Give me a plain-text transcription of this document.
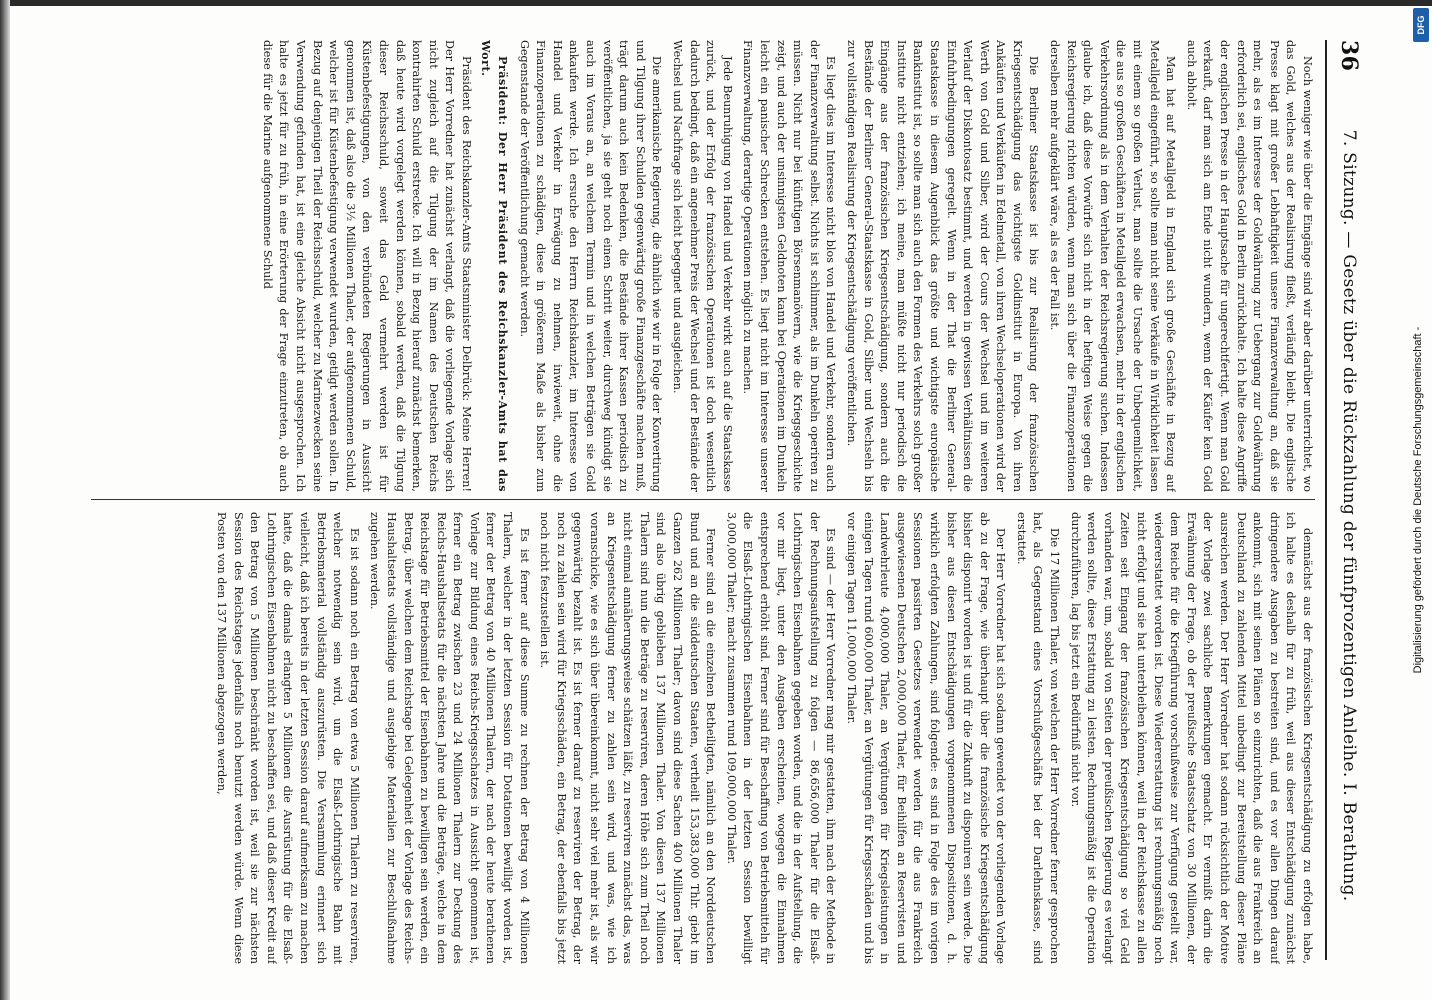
36
7. Sitzung. — Gesetz über die Rückzahlung der fünfprozentigen Anleihe. I. Berathung.

Noch weniger wie über die Eingänge sind wir aber darüber unterrichtet, wo das Gold, welches aus der Realisirung fließt, verläufig bleibt. Die englische Presse klagt mit großer Lebhaftigkeit unsere Finanzverwaltung an, daß sie mehr, als es im Interesse der Goldwährung zur Uebergang zur Goldwährung erforderlich sei, englisches Gold in Berlin zurückhalte. Ich halte diese Angriffe der englischen Presse in der Hauptsache für ungerechtfertigt. Wenn man Gold verkauft, darf man sich am Ende nicht wundern, wenn der Käufer kein Gold auch abholt.

Man hat auf Metallgeld in England sich große Geschäfte in Bezug auf Metallgeld eingeführt, so sollte man nicht seine Verkäufe in Wirklichkeit lassen mit einem so großen Verlust, man sollte die Ursache der Unbequemlichkeit, die aus so großen Geschäften in Metallgeld erwachsen, mehr in der englischen Verkehrsordnung als in dem Verhalten der Reichsregierung suchen. Indessen glaube ich, daß diese Vorwürfe sich nicht in der heftigen Weise gegen die Reichsregierung richten würden, wenn man sich über die Finanzoperationen derselben mehr aufgeklärt wäre, als es der Fall ist.

Die Berliner Staatskasse ist bis zur Realisirung der französischen Kriegsentschädigung das wichtigste Goldinstitut in Europa. Von ihren Ankäufen und Verkäufen in Edelmetall, von ihren Wechseloperationen wird der Werth von Gold und Silber, wird der Cours der Wechsel und im weiteren Verlauf der Diskontosatz bestimmt, und werden in gewissen Verhältnissen die Einfuhrbedingungen geregelt. Wenn in der That die Berliner General-Staatskasse in diesem Augenblick das größte und wichtigste europäische Bankinstitut ist, so sollte man sich auch den Formen des Verkehrs solch großer Institute nicht entziehen; ich meine, man müßte nicht nur periodisch die Eingänge aus der französischen Kriegsentschädigung, sondern auch die Bestände der Berliner General-Staatskasse in Gold, Silber und Wechseln bis zur vollständigen Realisirung der Kriegsentschädigung veröffentlichen.

Es liegt dies im Interesse nicht blos von Handel und Verkehr, sondern auch der Finanzverwaltung selbst. Nichts ist schlimmer, als im Dunkeln operiren zu müssen. Nicht nur bei künftigen Börsenmanövern, wie die Kriegsgeschichte zeigt, und auch der unsinnigsten Geldnoten kann bei Operationen im Dunkeln leicht ein panischer Schrecken entstehen. Es liegt nicht im Interesse unserer Finanzverwaltung, derartige Operationen möglich zu machen.

Jede Beunruhigung von Handel und Verkehr wirkt auch auf die Staatskasse zurück, und der Erfolg der französischen Operationen ist doch wesentlich dadurch bedingt, daß ein angenehmer Preis der Wechsel und der Bestände der Wechsel und Nachfrage sich leicht begegnet und ausgleichen.

Die amerikanische Regierung, die ähnlich wie wir in Folge der Konvertirung und Tilgung ihrer Schulden gegenwärtig große Finanzgeschäfte machen muß, trägt darum auch kein Bedenken, die Bestände ihrer Kassen periodisch zu veröffentlichen, ja sie geht noch einen Schritt weiter, durchweg kündigt sie auch im Voraus an, an welchem Termin und in welchen Beträgen sie Gold ankaufen werde. Ich ersuche den Herrn Reichskanzler, im Interesse von Handel und Verkehr in Erwägung zu nehmen, inwieweit, ohne die Finanzoperationen zu schädigen, diese in größerem Maße als bisher zum Gegenstande der Veröffentlichung gemacht werden.

Präsident: Der Herr Präsident des Reichskanzler-Amts hat das Wort.

Präsident des Reichskanzler-Amts Staatsminister Delbrück: Meine Herren! Der Herr Vorredner hat zunächst verlangt, daß die vorliegende Vorlage sich nicht zugleich auf die Tilgung der im Namen des Deutschen Reichs kontrahirten Schuld erstrecke. Ich will in Bezug hierauf zunächst bemerken, daß heute wird vorgelegt werden können, sobald werden, daß die Tilgung dieser Reichsschuld, soweit das Geld vermehrt werden ist für Küstenbefestigungen, von den verbündeten Regierungen in Aussicht genommen ist, daß also die 3½ Millionen Thaler, der aufgenommenen Schuld, welcher ist für Küstenbefestigung verwendet wurden, getilgt werden sollen. In Bezug auf denjenigen Theil der Reichsschuld, welcher zu Marinezwecken seine Verwendung gefunden hat, ist eine gleiche Absicht nicht ausgesprochen. Ich halte es jetzt für zu früh, in eine Erörterung der Frage einzutreten, ob auch diese für die Marine aufgenommene Schuld

demnächst aus der französischen Kriegsentschädigung zu erfolgen habe, ich halte es deshalb für zu früh, weil aus dieser Entschädigung zunächst dringendere Ausgaben zu bestreiten sind, und es vor allen Dingen darauf ankommt, sich mit seinen Plänen so einzurichten, daß die aus Frankreich an Deutschland zu zahlenden Mittel unbedingt zur Bereitstellung dieser Pläne ausreichen werden. Der Herr Vorredner hat sodann rücksichtlich der Motive der Vorlage zwei sachliche Bemerkungen gemacht. Er vermißt darin die Erwähnung der Frage, ob der preußische Staatsschatz von 30 Millionen, der dem Reiche für die Kriegführung vorschußweise zur Verfügung gestellt war, wiedererstattet worden ist. Diese Wiedererstattung ist rechnungsmäßig noch nicht erfolgt und sie hat unterbleiben können, weil in der Reichskasse zu allen Zeiten seit Eingang der französischen Kriegsentschädigung so viel Geld vorhanden war, um, sobald von Seiten der preußischen Regierung es verlangt werden sollte, diese Erstattung zu leisten. Rechnungsmäßig ist die Operation durchzuführen, lag bis jetzt ein Bedürfniß nicht vor.

Die 17 Millionen Thaler, von welchen der Herr Vorredner ferner gesprochen hat, als Gegenstand eines Vorschußgeschäfts bei der Darlehnskasse, sind erstattet.

Der Herr Vorredner hat sich sodann gewendet von der vorliegenden Vorlage ab zu der Frage, wie überhaupt über die französische Kriegsentschädigung bisher disponirt worden ist und für die Zukunft zu disponiren sein werde. Die bisher aus diesen Entschädigungen vorgenommenen Dispositionen, d. h. wirklich erfolgten Zahlungen, sind folgende: es sind in Folge des im vorigen Sessionen passirten Gesetzes verwendet worden für die aus Frankreich ausgewiesenen Deutschen 2,000,000 Thaler, für Beihilfen an Reservisten und Landwehrleute 4,000,000 Thaler, an Vergütungen für Kriegsleistungen in einigen Tagen rund 600,000 Thaler, an Vergütungen für Kriegsschäden und bis vor einigen Tagen 11,000,000 Thaler.

Es sind — der Herr Vorredner mag mir gestatten, ihm nach der Methode in der Rechnungsaufstellung zu folgen — 86,656,000 Thaler für die Elsaß-Lothringischen Eisenbahnen gegeben worden, und die in der Aufstellung, die vor mir liegt, unter den Ausgaben erscheinen, wogegen die Einnahmen entsprechend erhöht sind. Ferner sind für Beschaffung von Betriebsmitteln für die Elsaß-Lothringischen Eisenbahnen in der letzten Session bewilligt 3,000,000 Thaler; macht zusammen rund 109,000,000 Thaler.

Ferner sind an die einzelnen Betheiligten, nämlich an den Norddeutschen Bund und an die süddeutschen Staaten, vertheilt 153,383,000 Thlr. giebt im Ganzen 262 Millionen Thaler; davon sind diese Sachen 400 Millionen Thaler sind also übrig geblieben 137 Millionen Thaler. Von diesen 137 Millionen Thalern sind nun die Beträge zu reserviren, deren Höhe sich zum Theil noch nicht einmal annäherungsweise schätzen läßt, zu reserviren zunächst das, was an Kriegsentschädigung ferner zu zahlen sein wird, und was, wie ich voranschicke, wie es sich über übereinkommt, nicht sehr viel mehr ist, als wir gegenwärtig bezahlt ist. Es ist ferner darauf zu reserviren der Betrag, der noch zu zahlen sein wird für Kriegsschäden, ein Betrag, der ebenfalls bis jetzt noch nicht festzustellen ist.

Es ist ferner auf diese Summe zu rechnen der Betrag von 4 Millionen Thalern, welcher in der letzten Session für Dotationen bewilligt worden ist, ferner der Betrag von 40 Millionen Thalern, der nach der heute berathenen Vorlage zur Bildung eines Reichs-Kriegsschatzes in Aussicht genommen ist, ferner ein Betrag zwischen 23 und 24 Millionen Thalern zur Deckung des Reichs-Haushaltsetats für die nächsten Jahre und die Beträge, welche in dem Reichstage für Betriebsmittel der Eisenbahnen zu bewilligen sein werden, ein Betrag, über welchen dem Reichstage bei Gelegenheit der Vorlage des Reichs-Haushaltsetats vollständige und ausgiebige Materialien zur Beschlußnahme zugehen werden.

Es ist sodann noch ein Betrag von etwa 5 Millionen Thalern zu reserviren, welcher notwendig sein wird, um die Elsaß-Lothringische Bahn mit Betriebsmaterial vollständig auszurüsten. Die Versammlung erinnert sich vielleicht, daß ich bereits in der letzten Session darauf aufmerksam zu machen hatte, daß die damals erlangten 5 Millionen die Ausrüstung für die Elsaß-Lothringischen Eisenbahnen nicht zu beschaffen sei, und daß dieser Kredit auf den Betrag von 5 Millionen beschränkt worden ist, weil sie zur nächsten Session des Reichstages jedenfalls noch benutzt werden würde. Wenn diese Posten von den 137 Millionen abgezogen werden,	Digitalisierung gefördert durch die Deutsche Forschungsgemeinschaft -
DFG
